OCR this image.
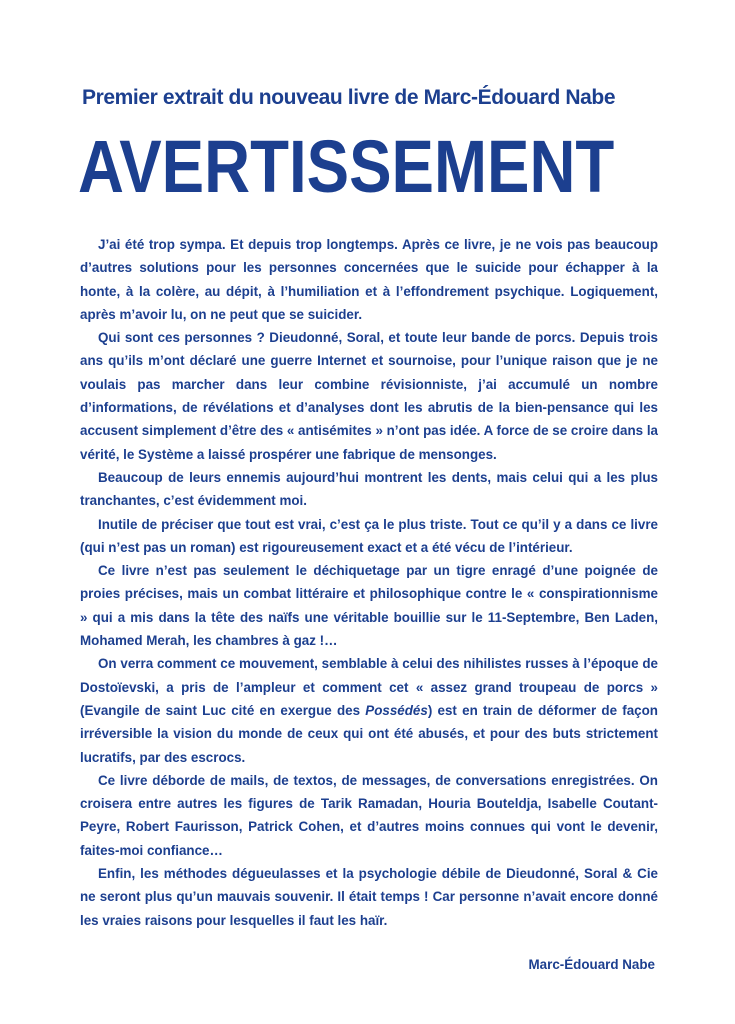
Premier extrait du nouveau livre de Marc-Édouard Nabe
AVERTISSEMENT

J’ai été trop sympa. Et depuis trop longtemps. Après ce livre, je ne vois pas beaucoup d’autres solutions pour les personnes concernées que le suicide pour échapper à la honte, à la colère, au dépit, à l’humiliation et à l’effondrement psychique. Logiquement, après m’avoir lu, on ne peut que se suicider.

Qui sont ces personnes ? Dieudonné, Soral, et toute leur bande de porcs. Depuis trois ans qu’ils m’ont déclaré une guerre Internet et sournoise, pour l’unique raison que je ne voulais pas marcher dans leur combine révisionniste, j’ai accumulé un nombre d’informations, de révélations et d’analyses dont les abrutis de la bien-pensance qui les accusent simplement d’être des « antisémites » n’ont pas idée. A force de se croire dans la vérité, le Système a laissé prospérer une fabrique de mensonges.

Beaucoup de leurs ennemis aujourd’hui montrent les dents, mais celui qui a les plus tranchantes, c’est évidemment moi.

Inutile de préciser que tout est vrai, c’est ça le plus triste. Tout ce qu’il y a dans ce livre (qui n’est pas un roman) est rigoureusement exact et a été vécu de l’intérieur.

Ce livre n’est pas seulement le déchiquetage par un tigre enragé d’une poignée de proies précises, mais un combat littéraire et philosophique contre le « conspirationnisme » qui a mis dans la tête des naïfs une véritable bouillie sur le 11-Septembre, Ben Laden, Mohamed Merah, les chambres à gaz !…

On verra comment ce mouvement, semblable à celui des nihilistes russes à l’époque de Dostoïevski, a pris de l’ampleur et comment cet « assez grand troupeau de porcs » (Evangile de saint Luc cité en exergue des Possédés) est en train de déformer de façon irréversible la vision du monde de ceux qui ont été abusés, et pour des buts strictement lucratifs, par des escrocs.

Ce livre déborde de mails, de textos, de messages, de conversations enregistrées. On croisera entre autres les figures de Tarik Ramadan, Houria Bouteldja, Isabelle Coutant-Peyre, Robert Faurisson, Patrick Cohen, et d’autres moins connues qui vont le devenir, faites-moi confiance…

Enfin, les méthodes dégueulasses et la psychologie débile de Dieudonné, Soral & Cie ne seront plus qu’un mauvais souvenir. Il était temps ! Car personne n’avait encore donné les vraies raisons pour lesquelles il faut les haïr.

Marc-Édouard Nabe
